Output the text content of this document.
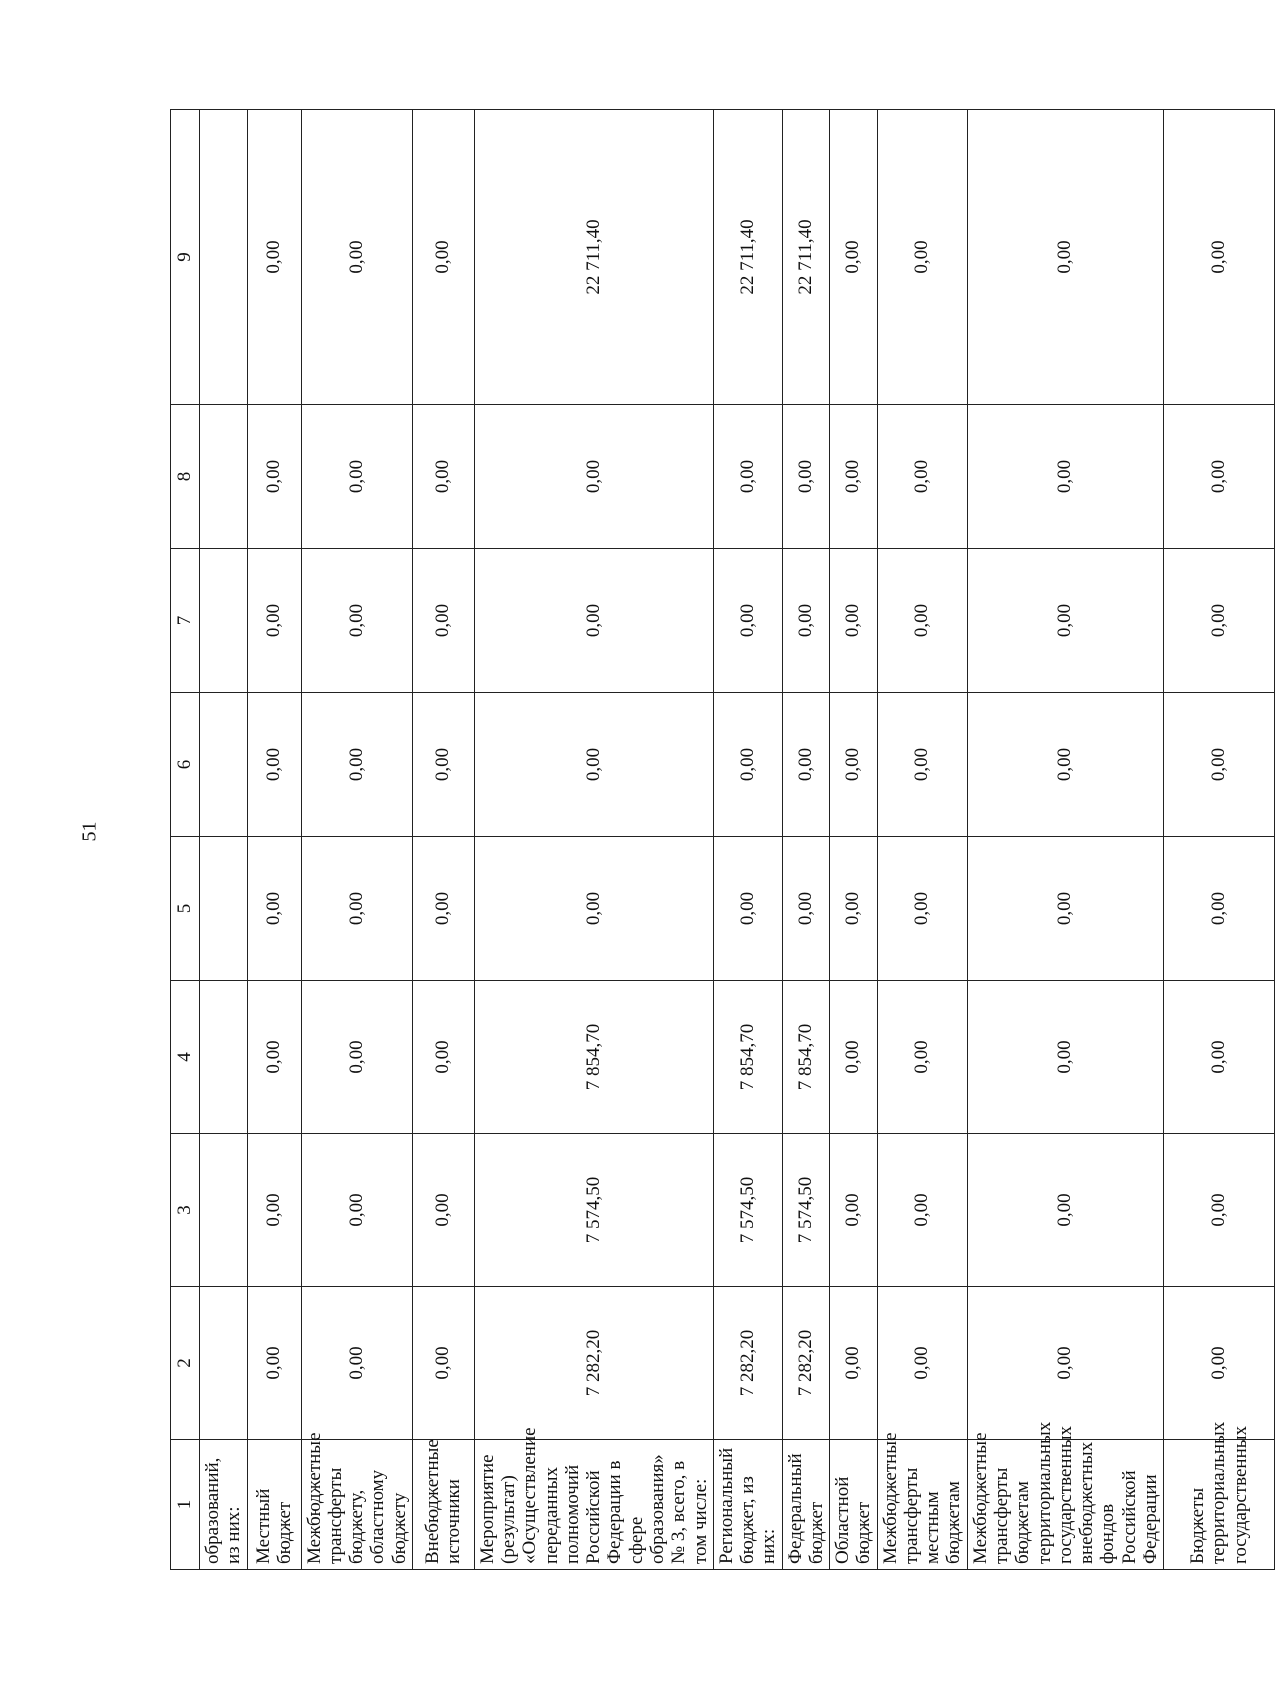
51
1	2	3	4	5	6	7	8	9
образований, из них:								
Местный бюджет	0,00	0,00	0,00	0,00	0,00	0,00	0,00	0,00
Межбюджетные трансферты бюджету, областному бюджету	0,00	0,00	0,00	0,00	0,00	0,00	0,00	0,00
Внебюджетные источники	0,00	0,00	0,00	0,00	0,00	0,00	0,00	0,00
Мероприятие (результат) «Осуществление переданных полномочий Российской Федерации в сфере образования» № 3, всего, в том числе:	7 282,20	7 574,50	7 854,70	0,00	0,00	0,00	0,00	22 711,40
Региональный бюджет, из них:	7 282,20	7 574,50	7 854,70	0,00	0,00	0,00	0,00	22 711,40
Федеральный бюджет	7 282,20	7 574,50	7 854,70	0,00	0,00	0,00	0,00	22 711,40
Областной бюджет	0,00	0,00	0,00	0,00	0,00	0,00	0,00	0,00
Межбюджетные трансферты местным бюджетам	0,00	0,00	0,00	0,00	0,00	0,00	0,00	0,00
Межбюджетные трансферты бюджетам территориальных государственных внебюджетных фондов Российской Федерации	0,00	0,00	0,00	0,00	0,00	0,00	0,00	0,00
Бюджеты территориальных государственных	0,00	0,00	0,00	0,00	0,00	0,00	0,00	0,00
